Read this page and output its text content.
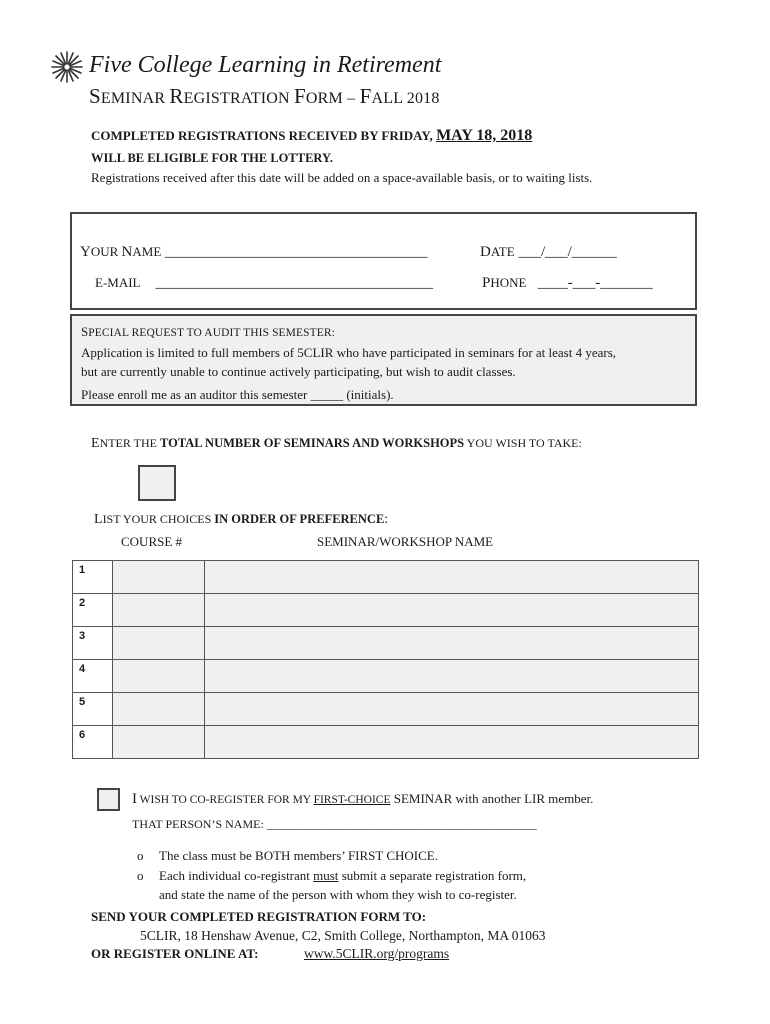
Five College Learning in Retirement
SEMINAR REGISTRATION FORM – FALL 2018
COMPLETED REGISTRATIONS RECEIVED BY FRIDAY, MAY 18, 2018
WILL BE ELIGIBLE FOR THE LOTTERY.
Registrations received after this date will be added on a space-available basis, or to waiting lists.
YOUR NAME ___________________________________	DATE ___/___/______
E-MAIL _____________________________________	PHONE ____-___-_______
SPECIAL REQUEST TO AUDIT THIS SEMESTER:
Application is limited to full members of 5CLIR who have participated in seminars for at least 4 years,
but are currently unable to continue actively participating, but wish to audit classes.
Please enroll me as an auditor this semester _____ (initials).
ENTER THE TOTAL NUMBER OF SEMINARS AND WORKSHOPS YOU WISH TO TAKE:
LIST YOUR CHOICES IN ORDER OF PREFERENCE:
COURSE #	SEMINAR/WORKSHOP NAME
1		
2		
3		
4		
5		
6		
I WISH TO CO-REGISTER FOR MY FIRST-CHOICE SEMINAR with another LIR member.
THAT PERSON’S NAME: _____________________________________________
o The class must be BOTH members’ FIRST CHOICE.
o Each individual co-registrant must submit a separate registration form,
and state the name of the person with whom they wish to co-register.
SEND YOUR COMPLETED REGISTRATION FORM TO:
5CLIR, 18 Henshaw Avenue, C2, Smith College, Northampton, MA 01063
OR REGISTER ONLINE AT:	www.5CLIR.org/programs
